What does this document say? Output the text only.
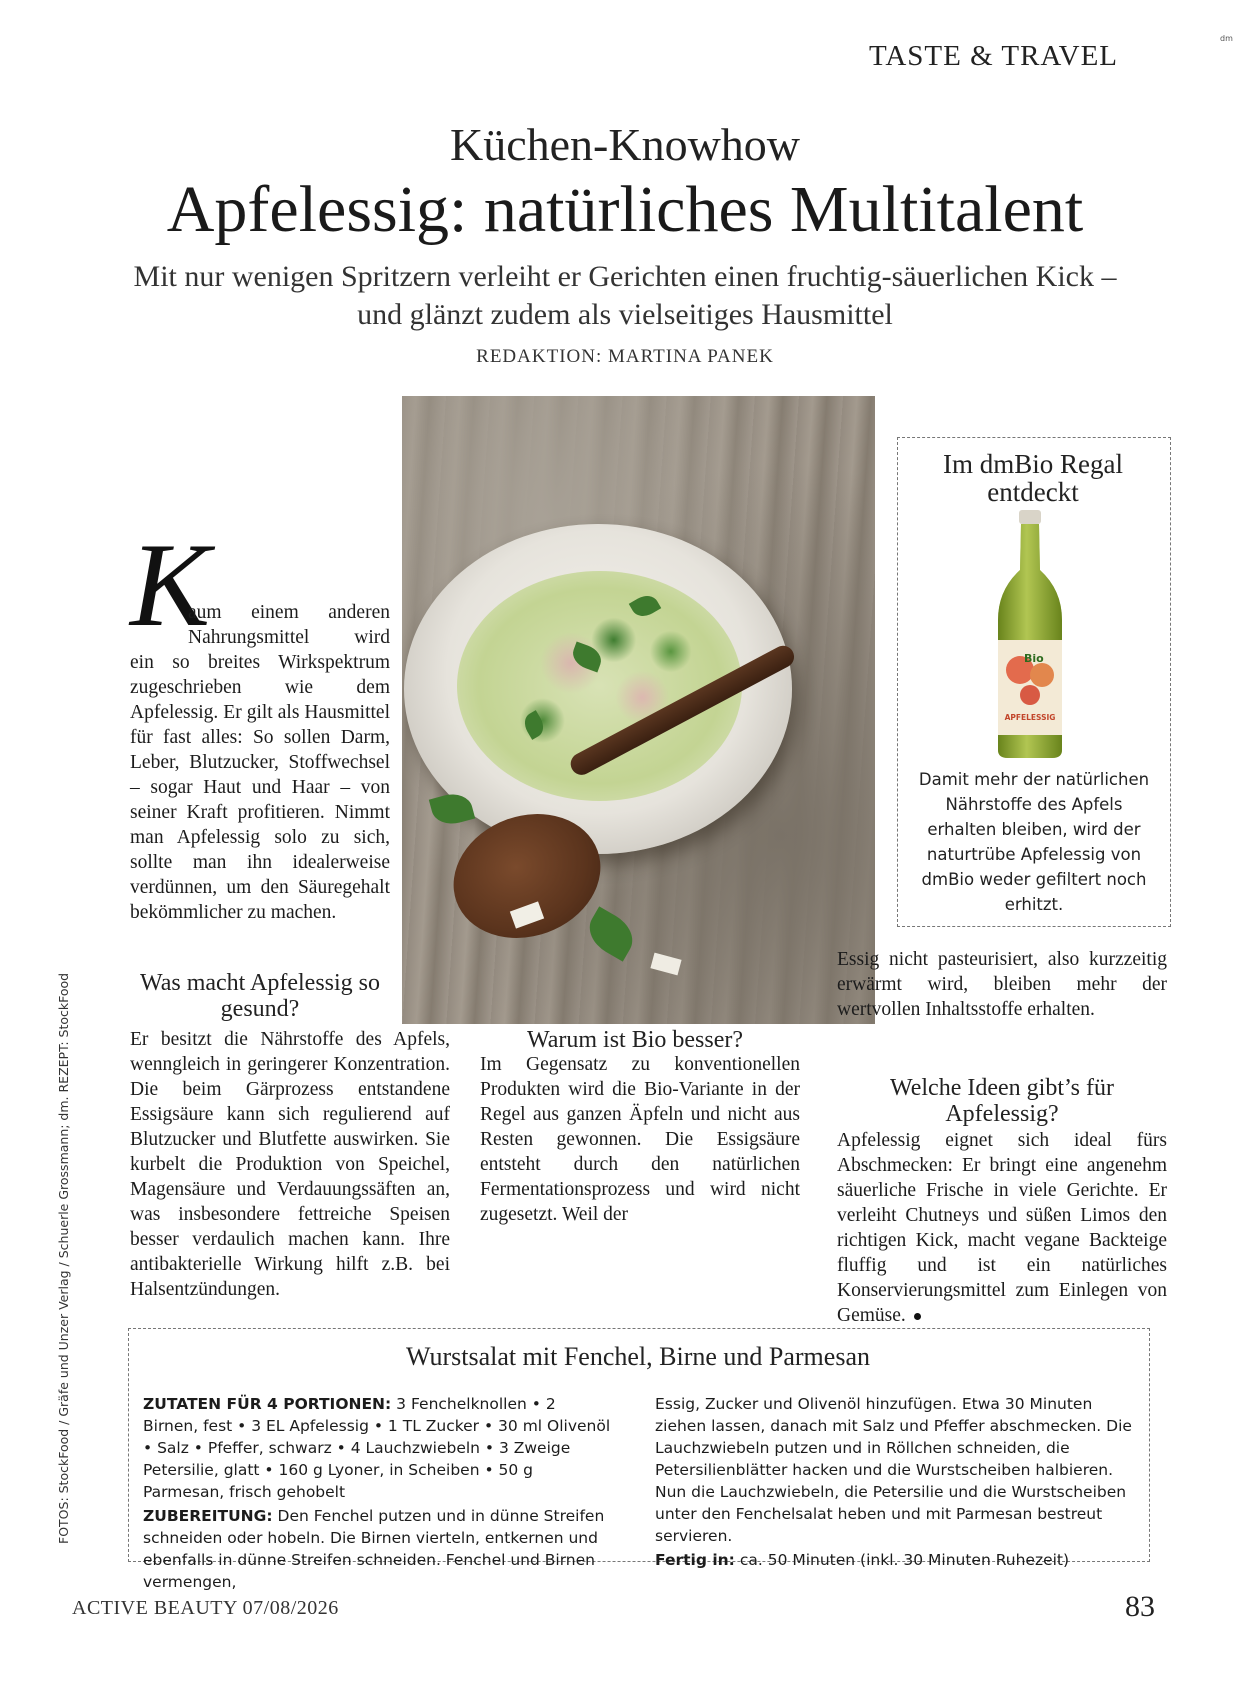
TASTE & TRAVEL
dm
Küchen-Knowhow
Apfelessig: natürliches Multitalent
Mit nur wenigen Spritzern verleiht er Gerichten einen fruchtig-säuerlichen Kick – und glänzt zudem als vielseitiges Hausmittel
REDAKTION: MARTINA PANEK
K
aum einem anderen
Nahrungsmittel wird
ein so breites Wirkspektrum zugeschrieben wie dem Apfelessig. Er gilt als Hausmittel für fast alles: So sollen Darm, Leber, Blutzucker, Stoffwechsel – sogar Haut und Haar – von seiner Kraft profitieren. Nimmt man Apfelessig solo zu sich, sollte man ihn idealerweise verdünnen, um den Säuregehalt bekömmlicher zu machen.
Was macht Apfelessig so gesund?
Er besitzt die Nährstoffe des Apfels, wenngleich in geringerer Konzentration. Die beim Gärprozess entstandene Essigsäure kann sich regulierend auf Blutzucker und Blutfette auswirken. Sie kurbelt die Produktion von Speichel, Magensäure und Verdauungssäften an, was insbesondere fettreiche Speisen besser verdaulich machen kann. Ihre antibakterielle Wirkung hilft z.B. bei Halsentzündungen.
Warum ist Bio besser?
Im Gegensatz zu konventionellen Produkten wird die Bio-Variante in der Regel aus ganzen Äpfeln und nicht aus Resten gewonnen. Die Essigsäure entsteht durch den natürlichen Fermentationsprozess und wird nicht zugesetzt. Weil der
Im dmBio Regal entdeckt
Bio
APFELESSIG
Damit mehr der natürlichen Nährstoffe des Apfels erhalten bleiben, wird der naturtrübe Apfelessig von dmBio weder gefiltert noch erhitzt.
Essig nicht pasteurisiert, also kurzzeitig erwärmt wird, bleiben mehr der wertvollen Inhaltsstoffe erhalten.
Welche Ideen gibt’s für Apfelessig?
Apfelessig eignet sich ideal fürs Abschmecken: Er bringt eine angenehm säuerliche Frische in viele Gerichte. Er verleiht Chutneys und süßen Limos den richtigen Kick, macht vegane Backteige fluffig und ist ein natürliches Konservierungsmittel zum Einlegen von Gemüse.
Wurstsalat mit Fenchel, Birne und Parmesan
ZUTATEN FÜR 4 PORTIONEN: 3 Fenchelknollen • 2 Birnen, fest • 3 EL Apfelessig • 1 TL Zucker • 30 ml Olivenöl • Salz • Pfeffer, schwarz • 4 Lauchzwiebeln • 3 Zweige Petersilie, glatt • 160 g Lyoner, in Scheiben • 50 g Parmesan, frisch gehobelt
ZUBEREITUNG: Den Fenchel putzen und in dünne Streifen schneiden oder hobeln. Die Birnen vierteln, entkernen und ebenfalls in dünne Streifen schneiden. Fenchel und Birnen vermengen,
Essig, Zucker und Olivenöl hinzufügen. Etwa 30 Minuten ziehen lassen, danach mit Salz und Pfeffer abschmecken. Die Lauchzwiebeln putzen und in Röllchen schneiden, die Petersilienblätter hacken und die Wurstscheiben halbieren. Nun die Lauchzwiebeln, die Petersilie und die Wurstscheiben unter den Fenchelsalat heben und mit Parmesan bestreut servieren.
Fertig in: ca. 50 Minuten (inkl. 30 Minuten Ruhezeit)
FOTOS: StockFood / Gräfe und Unzer Verlag / Schuerle Grossmann; dm. REZEPT: StockFood
ACTIVE BEAUTY 07/08/2026	83
